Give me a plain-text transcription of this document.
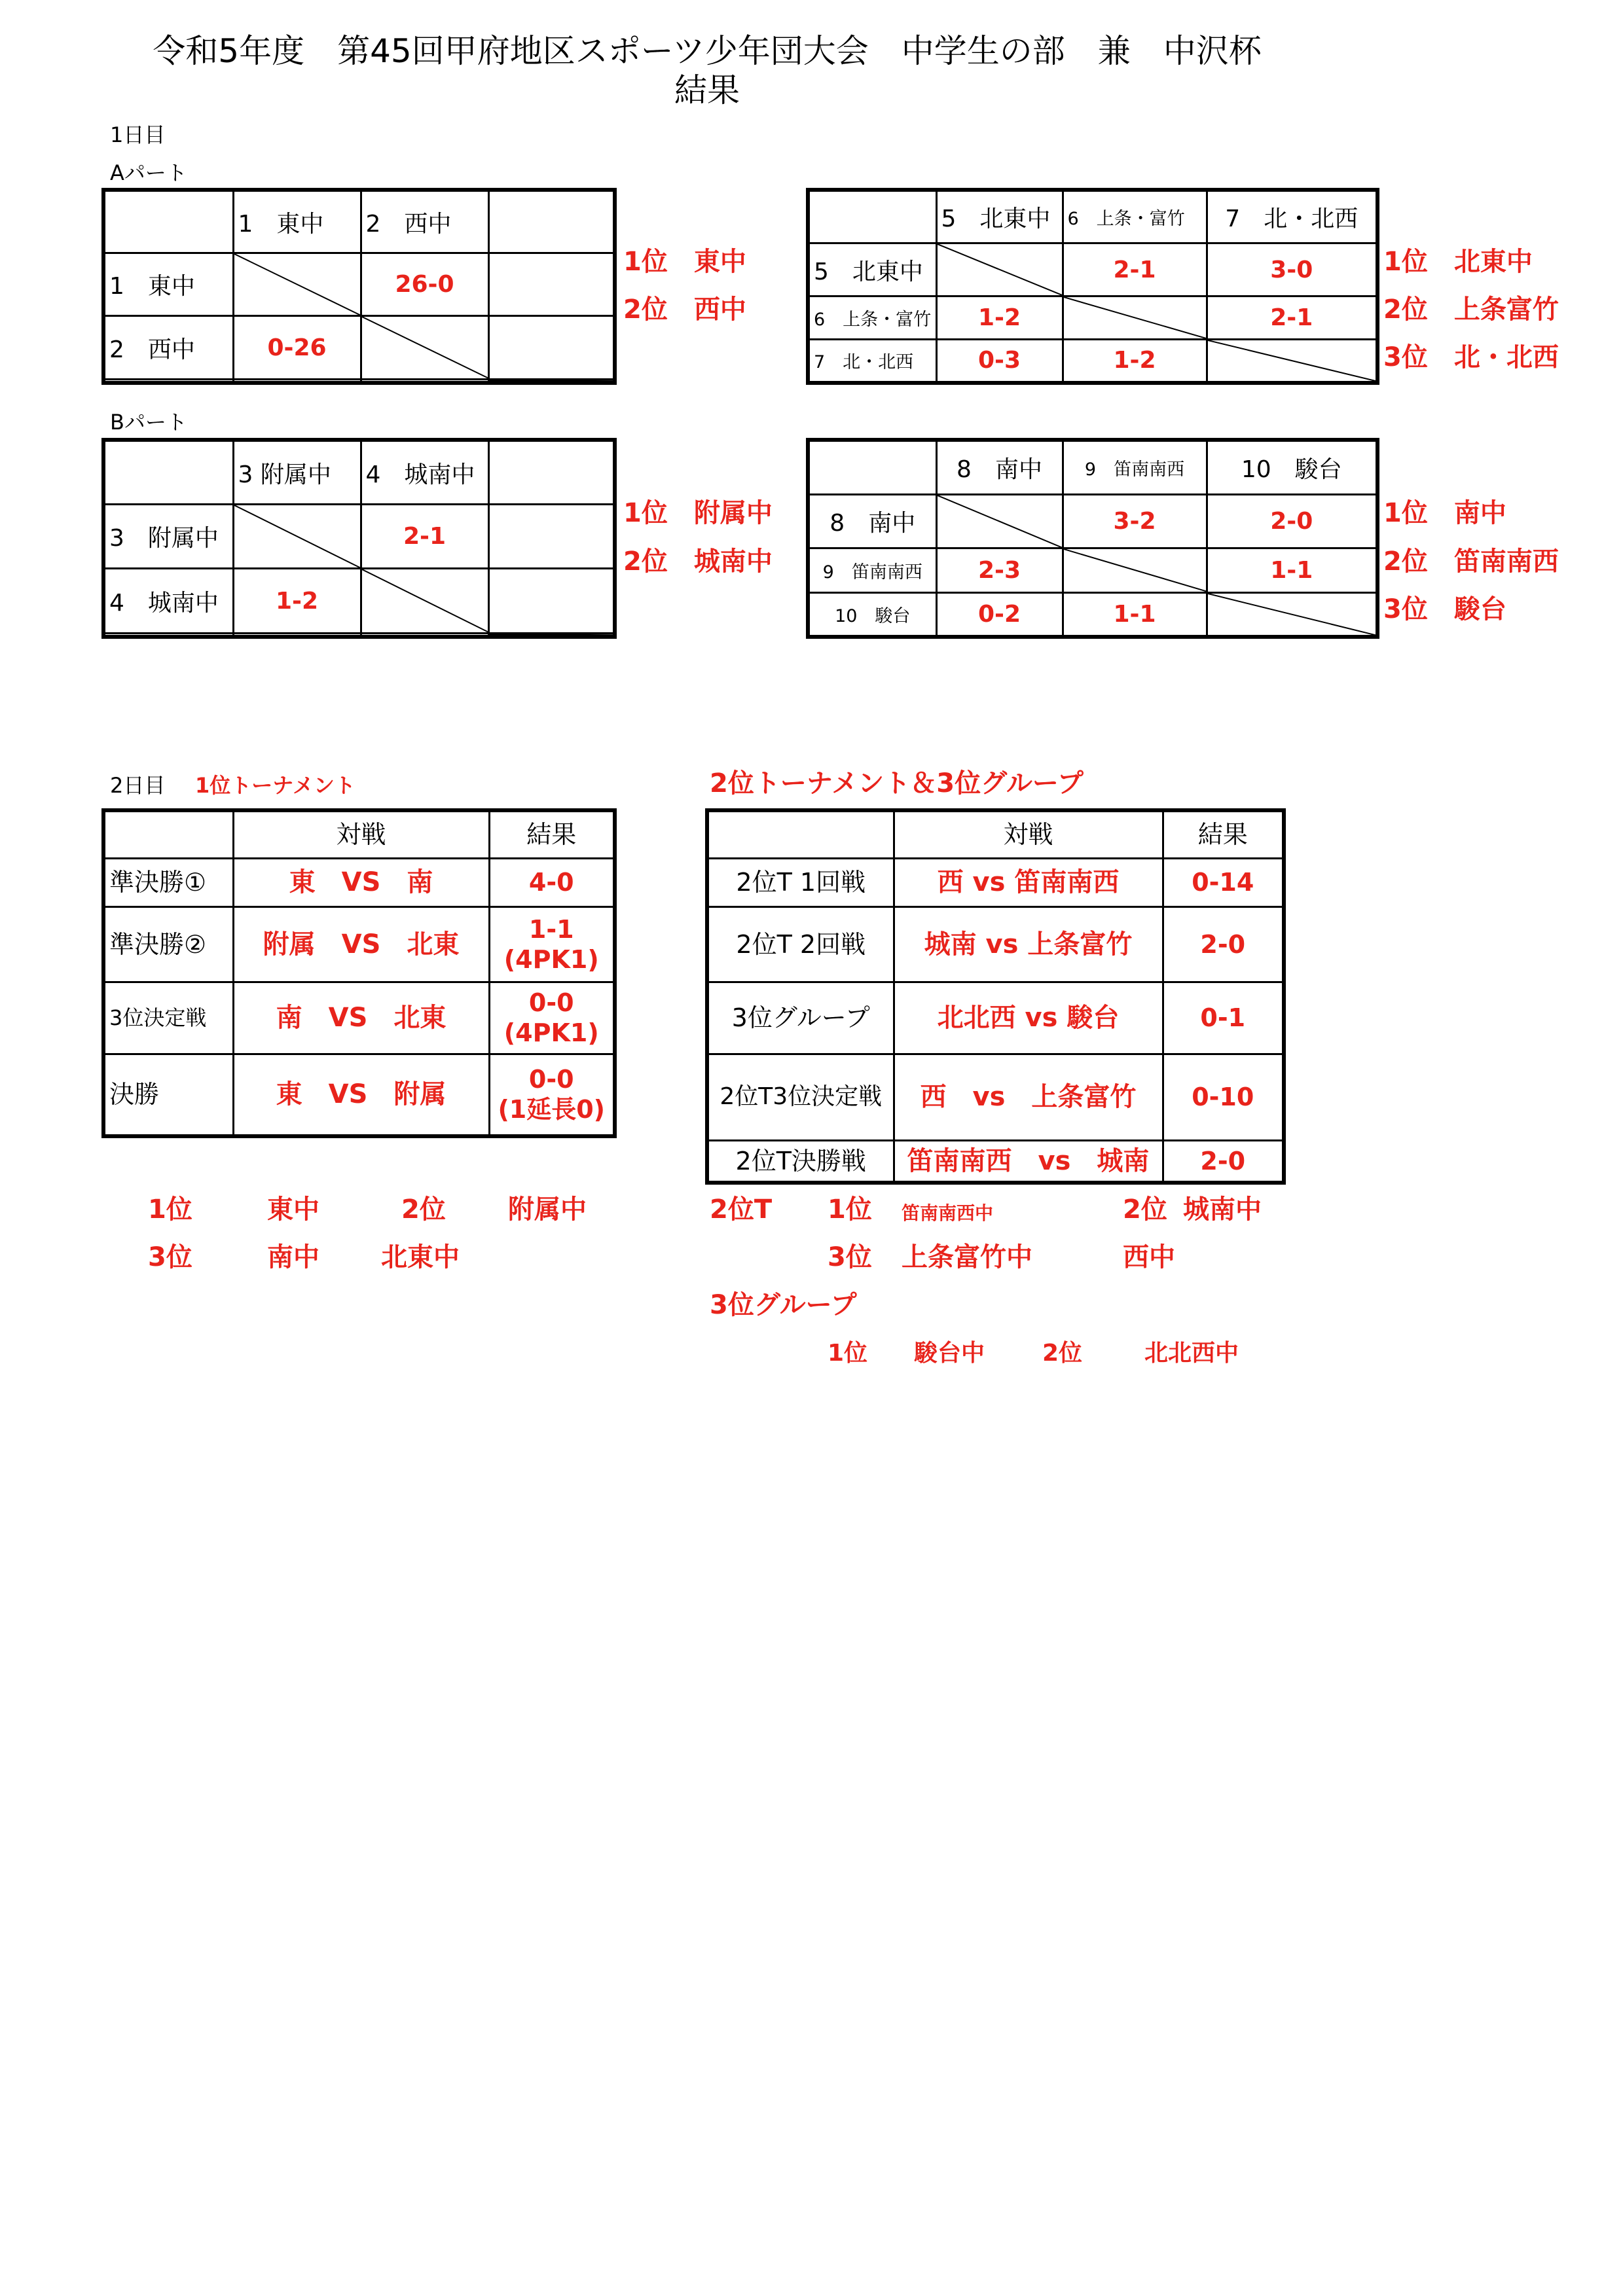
令和5年度　第45回甲府地区スポーツ少年団大会　中学生の部　兼　中沢杯
結果
1日目
Aパート
	1　東中	2　西中	
1　東中		26-0	
2　西中	0-26	

1位　東中
2位　西中
	5　北東中	6　上条・富竹	7　北・北西
5　北東中		2-1	3-0
6　上条・富竹	1-2		2-1
7　北・北西	0-3	1-2	
1位　北東中
2位　上条富竹
3位　北・北西
Bパート
	3 附属中	4　城南中	
3　附属中		2-1	
4　城南中	1-2	

1位　附属中
2位　城南中
	8　南中	9　笛南南西	10　駿台
8　南中		3-2	2-0
9　笛南南西	2-3		1-1
10　駿台	0-2	1-1	
1位　南中
2位　笛南南西
3位　駿台
2日目 1位トーナメント	2位トーナメント＆3位グループ
	対戦	結果
準決勝①	東　VS　南	4-0

準決勝②	附属　VS　北東	1-1
(4PK1)

3位決定戦	南　VS　北東	0-0
(4PK1)

決勝	東　VS　附属	0-0
(1延長0)
	対戦	結果
2位T 1回戦	西 vs 笛南南西	0-14
2位T 2回戦	城南 vs 上条富竹	2-0
3位グループ	北北西 vs 駿台	0-1
2位T3位決定戦	西　vs　上条富竹	0-10
2位T決勝戦	笛南南西　vs　城南	2-0
1位	東中	2位 附属中
3位	南中 北東中
2位T 1位 笛南南西中	2位 城南中
3位 上条富竹中	西中
3位グループ
1位 駿台中 2位	北北西中
